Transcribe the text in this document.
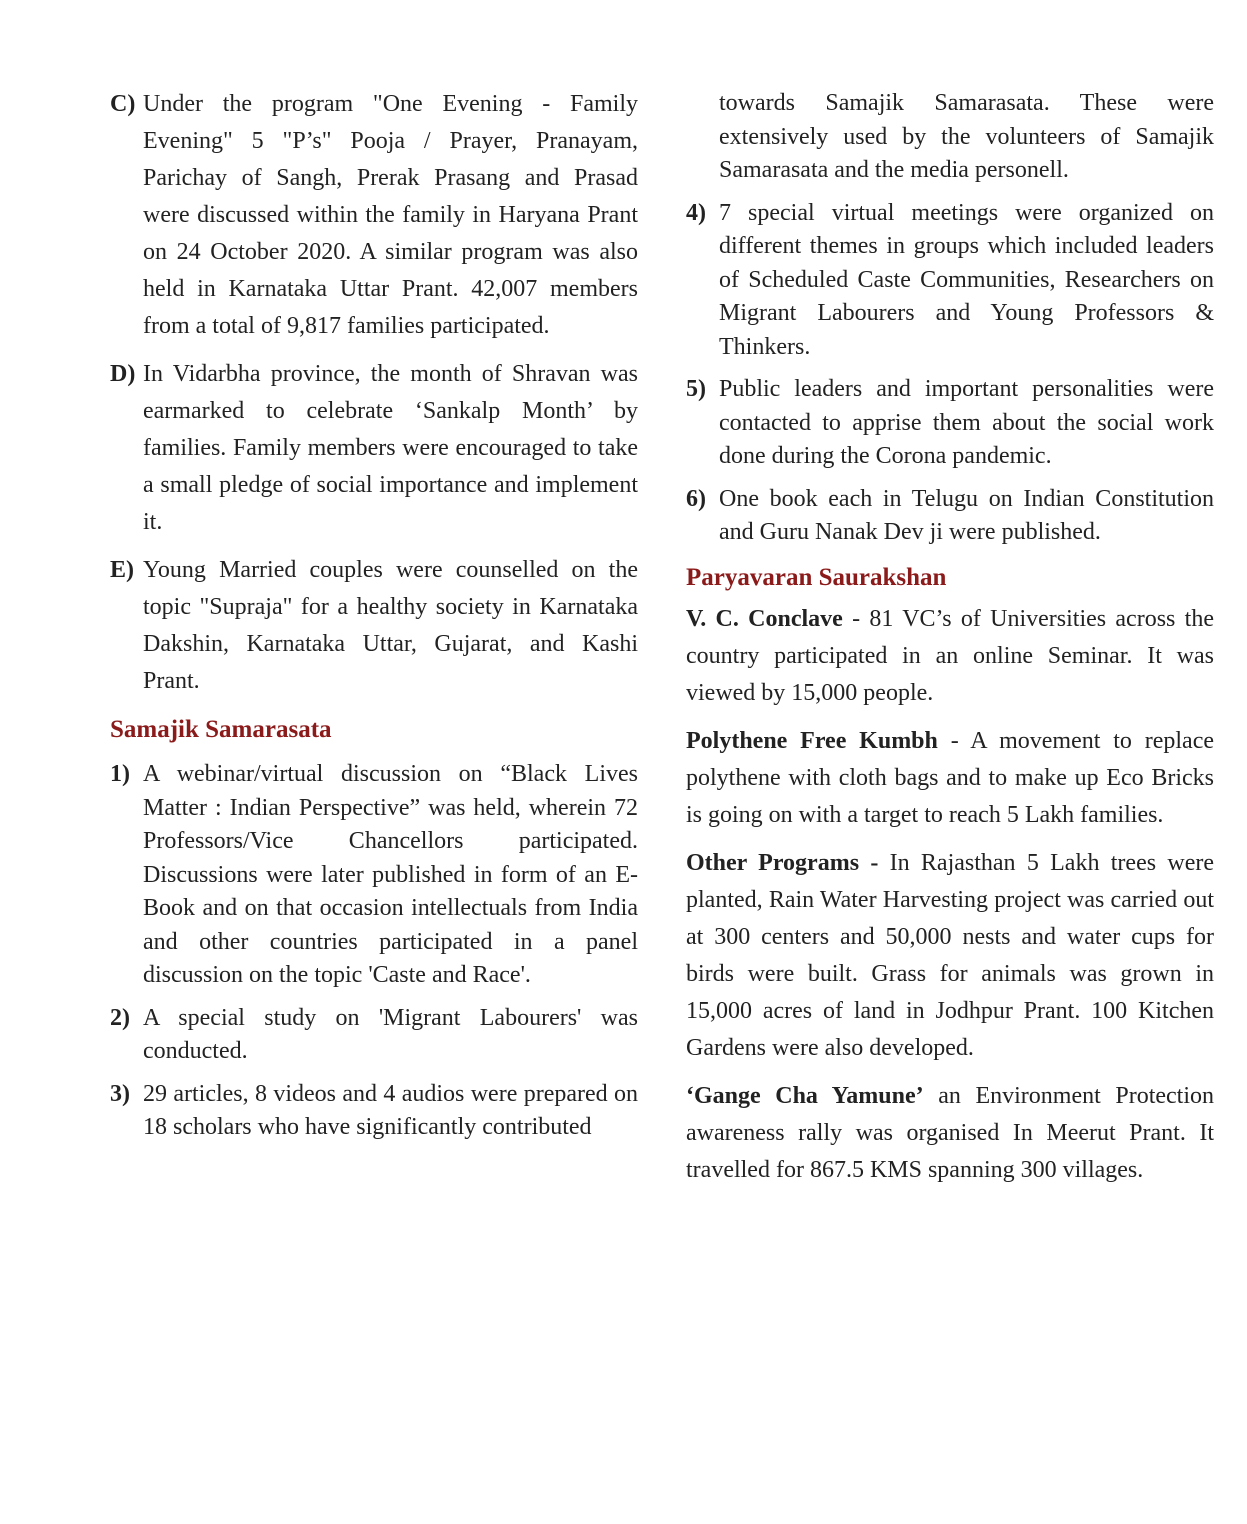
C) Under the program "One Evening - Family Evening" 5 "P’s" Pooja / Prayer, Pranayam, Parichay of Sangh, Prerak Prasang and Prasad were discussed within the family in Haryana Prant on 24 October 2020. A similar program was also held in Karnataka Uttar Prant. 42,007 members from a total of 9,817 families participated.
D) In Vidarbha province, the month of Shravan was earmarked to celebrate ‘Sankalp Month’ by families. Family members were encouraged to take a small pledge of social importance and implement it.
E) Young Married couples were counselled on the topic "Supraja" for a healthy society in Karnataka Dakshin, Karnataka Uttar, Gujarat, and Kashi Prant.
Samajik Samarasata
1) A webinar/virtual discussion on “Black Lives Matter : Indian Perspective” was held, wherein 72 Professors/Vice Chancellors participated. Discussions were later published in form of an E-Book and on that occasion intellectuals from India and other countries participated in a panel discussion on the topic 'Caste and Race'.
2) A special study on 'Migrant Labourers' was conducted.
3) 29 articles, 8 videos and 4 audios were prepared on 18 scholars who have significantly contributed
towards Samajik Samarasata. These were extensively used by the volunteers of Samajik Samarasata and the media personell.
4) 7 special virtual meetings were organized on different themes in groups which included leaders of Scheduled Caste Communities, Researchers on Migrant Labourers and Young Professors & Thinkers.
5) Public leaders and important personalities were contacted to apprise them about the social work done during the Corona pandemic.
6) One book each in Telugu on Indian Constitution and Guru Nanak Dev ji were published.
Paryavaran Saurakshan
V. C. Conclave - 81 VC’s of Universities across the country participated in an online Seminar. It was viewed by 15,000 people.
Polythene Free Kumbh - A movement to replace polythene with cloth bags and to make up Eco Bricks is going on with a target to reach 5 Lakh families.
Other Programs - In Rajasthan 5 Lakh trees were planted, Rain Water Harvesting project was carried out at 300 centers and 50,000 nests and water cups for birds were built. Grass for animals was grown in 15,000 acres of land in Jodhpur Prant. 100 Kitchen Gardens were also developed.
‘Gange Cha Yamune’ an Environment Protection awareness rally was organised In Meerut Prant. It travelled for 867.5 KMS spanning 300 villages.
